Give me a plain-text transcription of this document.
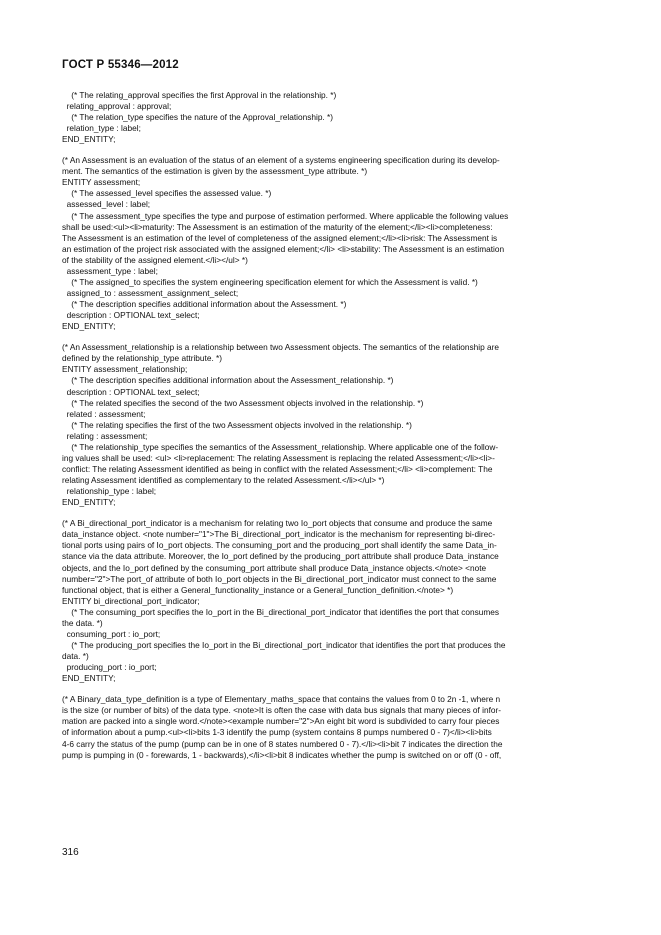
ГОСТ Р 55346—2012
(* The relating_approval specifies the first Approval in the relationship. *)
relating_approval : approval;
(* The relation_type specifies the nature of the Approval_relationship. *)
relation_type : label;
END_ENTITY;
(* An Assessment is an evaluation of the status of an element of a systems engineering specification during its develop-
ment. The semantics of the estimation is given by the assessment_type attribute. *)
ENTITY assessment;
(* The assessed_level specifies the assessed value. *)
assessed_level : label;
(* The assessment_type specifies the type and purpose of estimation performed. Where applicable the following values
shall be used:<ul><li>maturity: The Assessment is an estimation of the maturity of the element;</li><li>completeness:
The Assessment is an estimation of the level of completeness of the assigned element;</li><li>risk: The Assessment is
an estimation of the project risk associated with the assigned element;</li> <li>stability: The Assessment is an estimation
of the stability of the assigned element.</li></ul> *)
assessment_type : label;
(* The assigned_to specifies the system engineering specification element for which the Assessment is valid. *)
assigned_to : assessment_assignment_select;
(* The description specifies additional information about the Assessment. *)
description : OPTIONAL text_select;
END_ENTITY;
(* An Assessment_relationship is a relationship between two Assessment objects. The semantics of the relationship are
defined by the relationship_type attribute. *)
ENTITY assessment_relationship;
(* The description specifies additional information about the Assessment_relationship. *)
description : OPTIONAL text_select;
(* The related specifies the second of the two Assessment objects involved in the relationship. *)
related : assessment;
(* The relating specifies the first of the two Assessment objects involved in the relationship. *)
relating : assessment;
(* The relationship_type specifies the semantics of the Assessment_relationship. Where applicable one of the follow-
ing values shall be used: <ul> <li>replacement: The relating Assessment is replacing the related Assessment;</li><li>-
conflict: The relating Assessment identified as being in conflict with the related Assessment;</li> <li>complement: The
relating Assessment identified as complementary to the related Assessment.</li></ul> *)
relationship_type : label;
END_ENTITY;
(* A Bi_directional_port_indicator is a mechanism for relating two Io_port objects that consume and produce the same
data_instance object. <note number="1">The Bi_directional_port_indicator is the mechanism for representing bi-direc-
tional ports using pairs of Io_port objects. The consuming_port and the producing_port shall identify the same Data_in-
stance via the data attribute. Moreover, the Io_port defined by the producing_port attribute shall produce Data_instance
objects, and the Io_port defined by the consuming_port attribute shall produce Data_instance objects.</note> <note
number="2">The port_of attribute of both Io_port objects in the Bi_directional_port_indicator must connect to the same
functional object, that is either a General_functionality_instance or a General_function_definition.</note> *)
ENTITY bi_directional_port_indicator;
(* The consuming_port specifies the Io_port in the Bi_directional_port_indicator that identifies the port that consumes
the data. *)
consuming_port : io_port;
(* The producing_port specifies the Io_port in the Bi_directional_port_indicator that identifies the port that produces the
data. *)
producing_port : io_port;
END_ENTITY;
(* A Binary_data_type_definition is a type of Elementary_maths_space that contains the values from 0 to 2n -1, where n
is the size (or number of bits) of the data type. <note>It is often the case with data bus signals that many pieces of infor-
mation are packed into a single word.</note><example number="2">An eight bit word is subdivided to carry four pieces
of information about a pump.<ul><li>bits 1-3 identify the pump (system contains 8 pumps numbered 0 - 7)</li><li>bits
4-6 carry the status of the pump (pump can be in one of 8 states numbered 0 - 7).</li><li>bit 7 indicates the direction the
pump is pumping in (0 - forewards, 1 - backwards),</li><li>bit 8 indicates whether the pump is switched on or off (0 - off,
316
